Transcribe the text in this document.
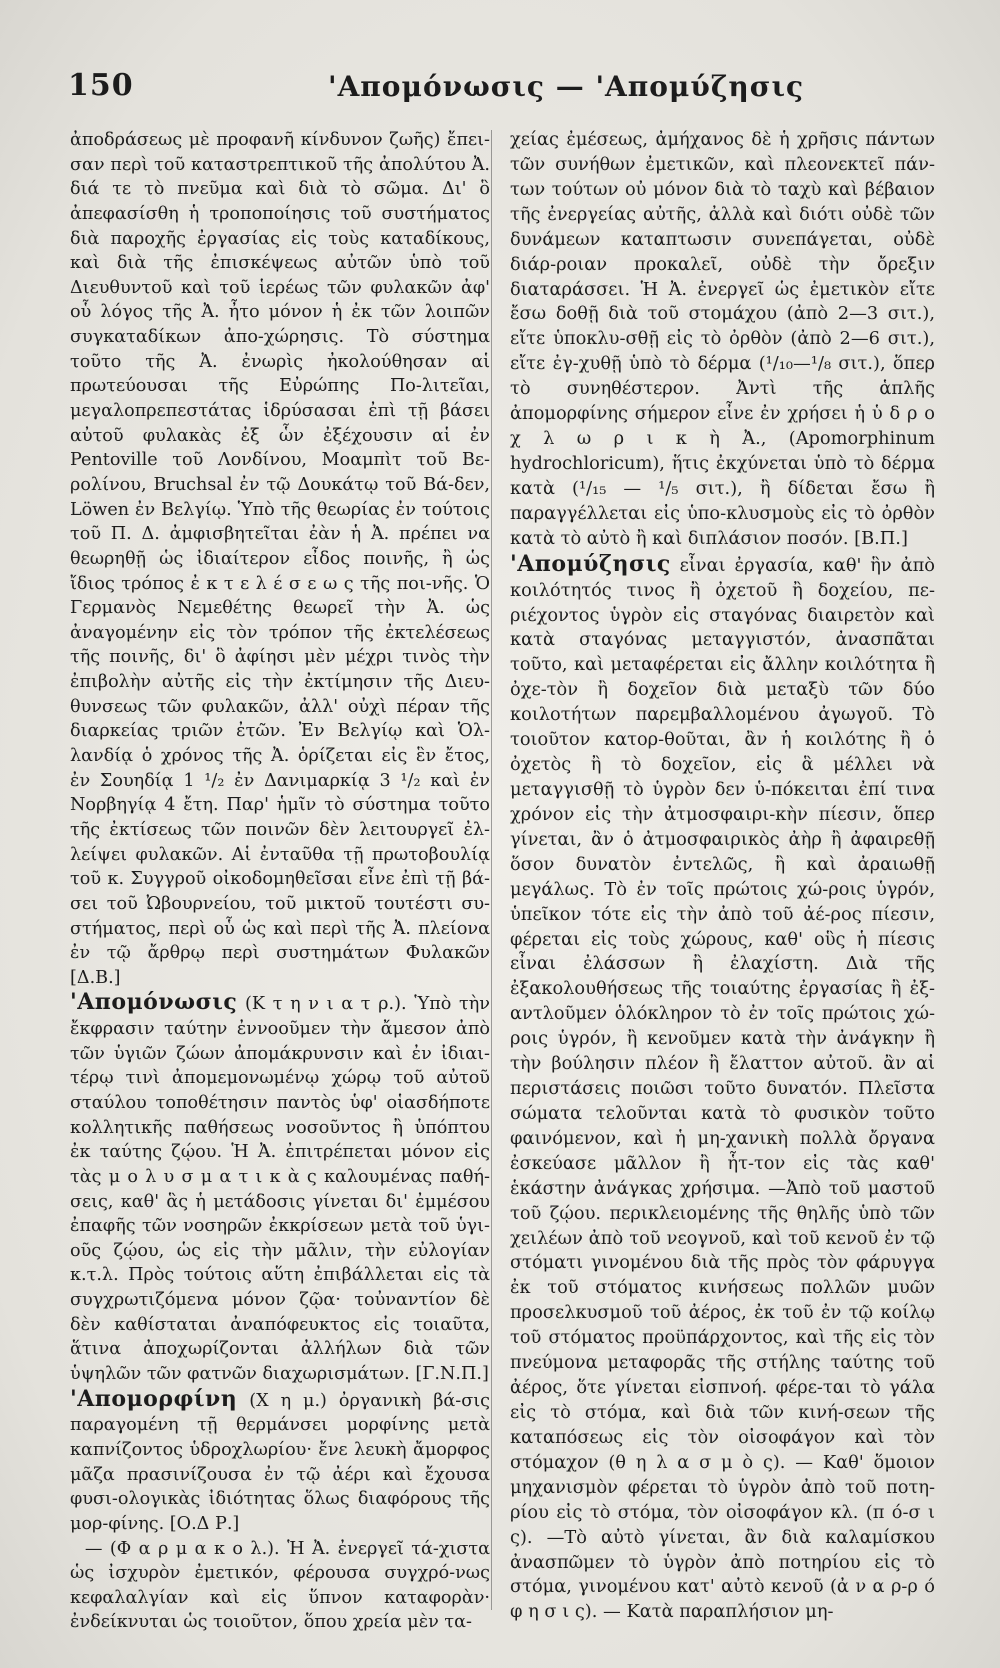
150	'Απομόνωσις — 'Απομύζησις

ἀποδράσεως μὲ προφανῆ κίνδυνον ζωῆς) ἔπει-σαν περὶ τοῦ καταστρεπτικοῦ τῆς ἀπολύτου Ἀ. διά τε τὸ πνεῦμα καὶ διὰ τὸ σῶμα. Δι' ὃ ἀπεφασίσθη ἡ τροποποίησις τοῦ συστήματος διὰ παροχῆς ἐργασίας εἰς τοὺς καταδίκους, καὶ διὰ τῆς ἐπισκέψεως αὐτῶν ὑπὸ τοῦ Διευθυντοῦ καὶ τοῦ ἱερέως τῶν φυλακῶν ἀφ' οὗ λόγος τῆς Ἀ. ἦτο μόνον ἡ ἐκ τῶν λοιπῶν συγκαταδίκων ἀπο-χώρησις. Τὸ σύστημα τοῦτο τῆς Ἀ. ἐνωρὶς ἠκολούθησαν αἱ πρωτεύουσαι τῆς Εὐρώπης Πο-λιτεῖαι, μεγαλοπρεπεστάτας ἱδρύσασαι ἐπὶ τῇ βάσει αὐτοῦ φυλακὰς ἐξ ὧν ἐξέχουσιν αἱ ἐν Pentoville τοῦ Λονδίνου, Μοαμπὶτ τοῦ Βε-ρολίνου, Bruchsal ἐν τῷ Δουκάτῳ τοῦ Βά-δεν, Löwen ἐν Βελγίῳ. Ὑπὸ τῆς θεωρίας ἐν τούτοις τοῦ Π. Δ. ἀμφισβητεῖται ἐὰν ἡ Ἀ. πρέπει να θεωρηθῇ ὡς ἰδιαίτερον εἶδος ποινῆς, ἢ ὡς ἴδιος τρόπος ἐ κ τ ε λ έ σ ε ω ς τῆς ποι-νῆς. Ὁ Γερμανὸς Νεμεθέτης θεωρεῖ τὴν Ἀ. ὡς ἀναγομένην εἰς τὸν τρόπον τῆς ἐκτελέσεως τῆς ποινῆς, δι' ὃ ἀφίησι μὲν μέχρι τινὸς τὴν ἐπιβολὴν αὐτῆς εἰς τὴν ἐκτίμησιν τῆς Διευ-θυνσεως τῶν φυλακῶν, ἀλλ' οὐχὶ πέραν τῆς διαρκείας τριῶν ἐτῶν. Ἐν Βελγίῳ καὶ Ὁλ-λανδίᾳ ὁ χρόνος τῆς Ἀ. ὁρίζεται εἰς ἓν ἔτος, ἐν Σουηδίᾳ 1 ¹/₂ ἐν Δανιμαρκίᾳ 3 ¹/₂ καὶ ἐν Νορβηγίᾳ 4 ἔτη. Παρ' ἡμῖν τὸ σύστημα τοῦτο τῆς ἐκτίσεως τῶν ποινῶν δὲν λειτουργεῖ ἐλ-λείψει φυλακῶν. Αἱ ἐνταῦθα τῇ πρωτοβουλίᾳ τοῦ κ. Συγγροῦ οἰκοδομηθεῖσαι εἶνε ἐπὶ τῇ βά-σει τοῦ Ὠβουρνείου, τοῦ μικτοῦ τουτέστι συ-στήματος, περὶ οὗ ὡς καὶ περὶ τῆς Ἀ. πλείονα ἐν τῷ ἄρθρῳ περὶ συστημάτων Φυλακῶν [Δ.Β.]

'Απομόνωσις (Κ τ η ν ι α τ ρ.). Ὑπὸ τὴν ἔκφρασιν ταύτην ἐννοοῦμεν τὴν ἄμεσον ἀπὸ τῶν ὑγιῶν ζώων ἀπομάκρυνσιν καὶ ἐν ἰδιαι-τέρῳ τινὶ ἀπομεμονωμένῳ χώρῳ τοῦ αὐτοῦ σταύλου τοποθέτησιν παντὸς ὑφ' οἱασδήποτε κολλητικῆς παθήσεως νοσοῦντος ἢ ὑπόπτου ἐκ ταύτης ζῴου. Ἡ Ἀ. ἐπιτρέπεται μόνον εἰς τὰς μ ο λ υ σ μ α τ ι κ ὰ ς καλουμένας παθή-σεις, καθ' ἃς ἡ μετάδοσις γίνεται δι' ἐμμέσου ἐπαφῆς τῶν νοσηρῶν ἐκκρίσεων μετὰ τοῦ ὑγι-οῦς ζῴου, ὡς εἰς τὴν μᾶλιν, τὴν εὐλογίαν κ.τ.λ. Πρὸς τούτοις αὕτη ἐπιβάλλεται εἰς τὰ συγχρωτιζόμενα μόνον ζῷα· τοὐναντίον δὲ δὲν καθίσταται ἀναπόφευκτος εἰς τοιαῦτα, ἅτινα ἀποχωρίζονται ἀλλήλων διὰ τῶν ὑψηλῶν τῶν φατνῶν διαχωρισμάτων. [Γ.Ν.Π.]

'Απομορφίνη (Χ η μ.) ὀργανικὴ βά-σις παραγομένη τῇ θερμάνσει μορφίνης μετὰ καπνίζοντος ὑδροχλωρίου· ἔνε λευκὴ ἄμορφος μᾶζα πρασινίζουσα ἐν τῷ ἀέρι καὶ ἔχουσα φυσι-ολογικὰς ἰδιότητας ὅλως διαφόρους τῆς μορ-φίνης. [Ο.Δ Ρ.]

— (Φ α ρ μ α κ ο λ.). Ἡ Ἀ. ἐνεργεῖ τά-χιστα ὡς ἰσχυρὸν ἐμετικόν, φέρουσα συγχρό-νως κεφαλαλγίαν καὶ εἰς ὕπνον καταφορὰν· ἐνδείκνυται ὡς τοιοῦτον, ὅπου χρεία μὲν τα-

χείας ἐμέσεως, ἀμήχανος δὲ ἡ χρῆσις πάντων τῶν συνήθων ἐμετικῶν, καὶ πλεονεκτεῖ πάν-των τούτων οὐ μόνον διὰ τὸ ταχὺ καὶ βέβαιον τῆς ἐνεργείας αὐτῆς, ἀλλὰ καὶ διότι οὐδὲ τῶν δυνάμεων καταπτωσιν συνεπάγεται, οὐδὲ διάρ-ροιαν προκαλεῖ, οὐδὲ τὴν ὄρεξιν διαταράσσει. Ἡ Ἀ. ἐνεργεῖ ὡς ἐμετικὸν εἴτε ἔσω δοθῇ διὰ τοῦ στομάχου (ἀπὸ 2—3 σιτ.), εἴτε ὑποκλυ-σθῇ εἰς τὸ ὀρθὸν (ἀπὸ 2—6 σιτ.), εἴτε ἐγ-χυθῇ ὑπὸ τὸ δέρμα (¹/₁₀—¹/₈ σιτ.), ὅπερ τὸ συνηθέστερον. Ἀντὶ τῆς ἁπλῆς ἀπομορφίνης σήμερον εἶνε ἐν χρήσει ἡ ὑ δ ρ ο χ λ ω ρ ι κ ὴ Ἀ., (Apomorphinum hydrochloricum), ἥτις ἐκχύνεται ὑπὸ τὸ δέρμα κατὰ (¹/₁₅ — ¹/₅ σιτ.), ἢ δίδεται ἔσω ἢ παραγγέλλεται εἰς ὑπο-κλυσμοὺς εἰς τὸ ὀρθὸν κατὰ τὸ αὐτὸ ἢ καὶ διπλάσιον ποσόν. [Β.Π.]

'Απομύζησις εἶναι ἐργασία, καθ' ἣν ἀπὸ κοιλότητός τινος ἢ ὀχετοῦ ἢ δοχείου, πε-ριέχοντος ὑγρὸν εἰς σταγόνας διαιρετὸν καὶ κατὰ σταγόνας μεταγγιστόν, ἀνασπᾶται τοῦτο, καὶ μεταφέρεται εἰς ἄλλην κοιλότητα ἢ ὀχε-τὸν ἢ δοχεῖον διὰ μεταξὺ τῶν δύο κοιλοτήτων παρεμβαλλομένου ἀγωγοῦ. Τὸ τοιοῦτον κατορ-θοῦται, ἂν ἡ κοιλότης ἢ ὁ ὀχετὸς ἢ τὸ δοχεῖον, εἰς ἃ μέλλει νὰ μεταγγισθῇ τὸ ὑγρὸν δεν ὑ-πόκειται ἐπί τινα χρόνον εἰς τὴν ἀτμοσφαιρι-κὴν πίεσιν, ὅπερ γίνεται, ἂν ὁ ἀτμοσφαιρικὸς ἀὴρ ἢ ἀφαιρεθῇ ὅσον δυνατὸν ἐντελῶς, ἢ καὶ ἀραιωθῇ μεγάλως. Τὸ ἐν τοῖς πρώτοις χώ-ροις ὑγρόν, ὑπεῖκον τότε εἰς τὴν ἀπὸ τοῦ ἀέ-ρος πίεσιν, φέρεται εἰς τοὺς χώρους, καθ' οὓς ἡ πίεσις εἶναι ἐλάσσων ἢ ἐλαχίστη. Διὰ τῆς ἐξακολουθήσεως τῆς τοιαύτης ἐργασίας ἢ ἐξ-αντλοῦμεν ὁλόκληρον τὸ ἐν τοῖς πρώτοις χώ-ροις ὑγρόν, ἢ κενοῦμεν κατὰ τὴν ἀνάγκην ἢ τὴν βούλησιν πλέον ἢ ἔλαττον αὐτοῦ. ἂν αἱ περιστάσεις ποιῶσι τοῦτο δυνατόν. Πλεῖστα σώματα τελοῦνται κατὰ τὸ φυσικὸν τοῦτο φαινόμενον, καὶ ἡ μη-χανικὴ πολλὰ ὄργανα ἐσκεύασε μᾶλλον ἢ ἧτ-τον εἰς τὰς καθ' ἑκάστην ἀνάγκας χρήσιμα. —Ἀπὸ τοῦ μαστοῦ τοῦ ζῴου. περικλειομένης τῆς θηλῆς ὑπὸ τῶν χειλέων ἀπὸ τοῦ νεογνοῦ, καὶ τοῦ κενοῦ ἐν τῷ στόματι γινομένου διὰ τῆς πρὸς τὸν φάρυγγα ἐκ τοῦ στόματος κινήσεως πολλῶν μυῶν προσελκυσμοῦ τοῦ ἀέρος, ἐκ τοῦ ἐν τῷ κοίλῳ τοῦ στόματος προϋπάρχοντος, καὶ τῆς εἰς τὸν πνεύμονα μεταφορᾶς τῆς στήλης ταύτης τοῦ ἀέρος, ὅτε γίνεται εἰσπνοή. φέρε-ται τὸ γάλα εἰς τὸ στόμα, καὶ διὰ τῶν κινή-σεων τῆς καταπόσεως εἰς τὸν οἰσοφάγον καὶ τὸν στόμαχον (θ η λ α σ μ ὸ ς). — Καθ' ὅμοιον μηχανισμὸν φέρεται τὸ ὑγρὸν ἀπὸ τοῦ ποτη-ρίου εἰς τὸ στόμα, τὸν οἰσοφάγον κλ. (π ό-σ ι ς). —Τὸ αὐτὸ γίνεται, ἂν διὰ καλαμίσκου ἀνασπῶμεν τὸ ὑγρὸν ἀπὸ ποτηρίου εἰς τὸ στόμα, γινομένου κατ' αὐτὸ κενοῦ (ἀ ν α ρ-ρ ό φ η σ ι ς). — Κατὰ παραπλήσιον μη-
